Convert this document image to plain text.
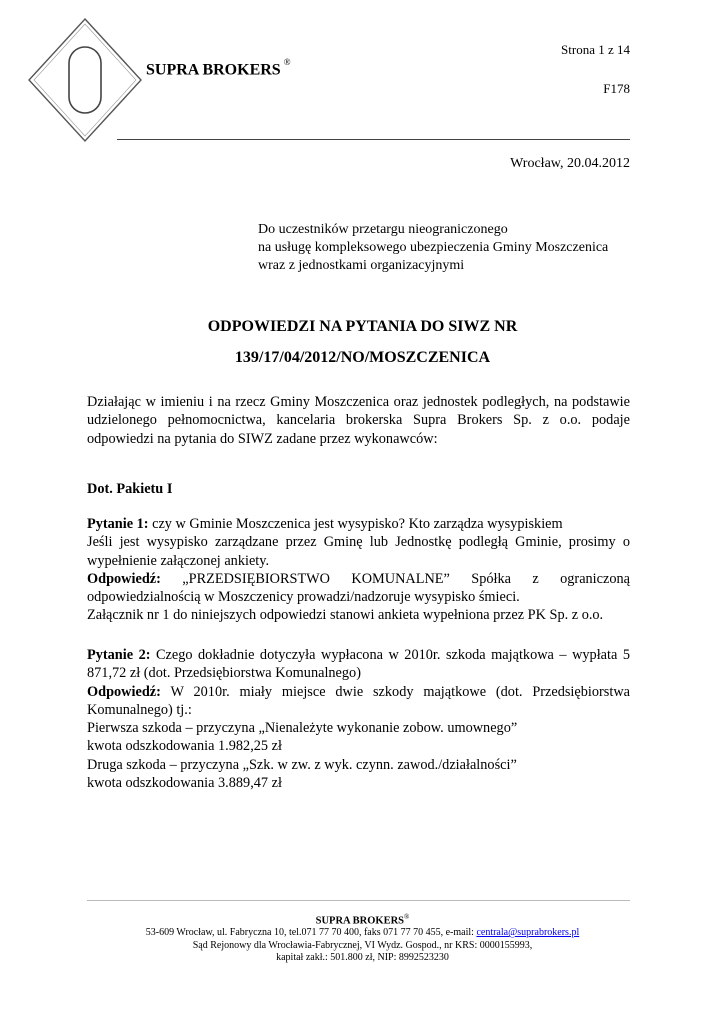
SUPRA BROKERS ®
Strona 1 z 14
F178
Wrocław, 20.04.2012
Do uczestników przetargu nieograniczonego
na usługę kompleksowego ubezpieczenia Gminy Moszczenica
wraz z jednostkami organizacyjnymi
ODPOWIEDZI NA PYTANIA DO SIWZ NR
139/17/04/2012/NO/MOSZCZENICA
Działając w imieniu i na rzecz Gminy Moszczenica oraz jednostek podległych, na podstawie udzielonego pełnomocnictwa, kancelaria brokerska Supra Brokers Sp. z o.o. podaje odpowiedzi na pytania do SIWZ zadane przez wykonawców:
Dot. Pakietu I
Pytanie 1: czy w Gminie Moszczenica jest wysypisko? Kto zarządza wysypiskiem
Jeśli jest wysypisko zarządzane przez Gminę lub Jednostkę podległą Gminie, prosimy o wypełnienie załączonej ankiety.
Odpowiedź: „PRZEDSIĘBIORSTWO KOMUNALNE” Spółka z ograniczoną odpowiedzialnością w Moszczenicy prowadzi/nadzoruje wysypisko śmieci.
Załącznik nr 1 do niniejszych odpowiedzi stanowi ankieta wypełniona przez PK Sp. z o.o.
Pytanie 2: Czego dokładnie dotyczyła wypłacona w 2010r. szkoda majątkowa – wypłata 5 871,72 zł (dot. Przedsiębiorstwa Komunalnego)
Odpowiedź: W 2010r. miały miejsce dwie szkody majątkowe (dot. Przedsiębiorstwa Komunalnego) tj.:
Pierwsza szkoda – przyczyna „Nienależyte wykonanie zobow. umownego”
kwota odszkodowania 1.982,25 zł
Druga szkoda – przyczyna „Szk. w zw. z wyk. czynn. zawod./działalności”
kwota odszkodowania 3.889,47 zł
SUPRA BROKERS®
53-609 Wrocław, ul. Fabryczna 10, tel.071 77 70 400, faks 071 77 70 455, e-mail: centrala@suprabrokers.pl
Sąd Rejonowy dla Wrocławia-Fabrycznej, VI Wydz. Gospod., nr KRS: 0000155993,
kapitał zakł.: 501.800 zł, NIP: 8992523230
